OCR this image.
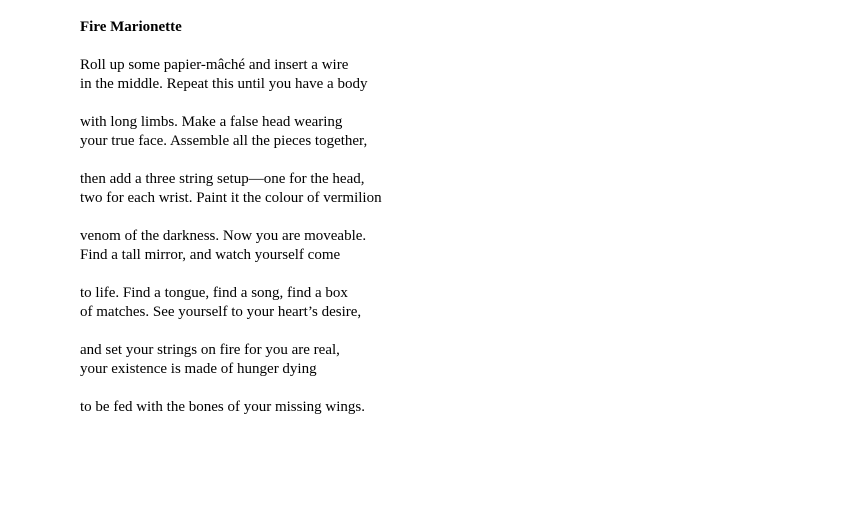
Fire Marionette
Roll up some papier-mâché and insert a wire
in the middle. Repeat this until you have a body
with long limbs. Make a false head wearing
your true face. Assemble all the pieces together,
then add a three string setup—one for the head,
two for each wrist. Paint it the colour of vermilion
venom of the darkness. Now you are moveable.
Find a tall mirror, and watch yourself come
to life. Find a tongue, find a song, find a box
of matches. See yourself to your heart’s desire,
and set your strings on fire for you are real,
your existence is made of hunger dying
to be fed with the bones of your missing wings.
